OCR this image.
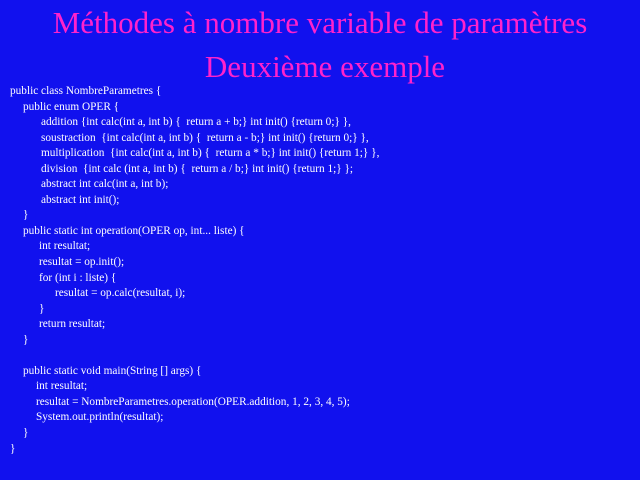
Méthodes à nombre variable de paramètres
Deuxième exemple
public class NombreParametres {
public enum OPER {
addition {int calc(int a, int b) {  return a + b;} int init() {return 0;} },
soustraction  {int calc(int a, int b) {  return a - b;} int init() {return 0;} },
multiplication  {int calc(int a, int b) {  return a * b;} int init() {return 1;} },
division  {int calc (int a, int b) {  return a / b;} int init() {return 1;} };
abstract int calc(int a, int b);
abstract int init();
}
public static int operation(OPER op, int... liste) {
int resultat;
resultat = op.init();
for (int i : liste) {
resultat = op.calc(resultat, i);
}
return resultat;
}
public static void main(String [] args) {
int resultat;
resultat = NombreParametres.operation(OPER.addition, 1, 2, 3, 4, 5);
System.out.println(resultat);
}
}
